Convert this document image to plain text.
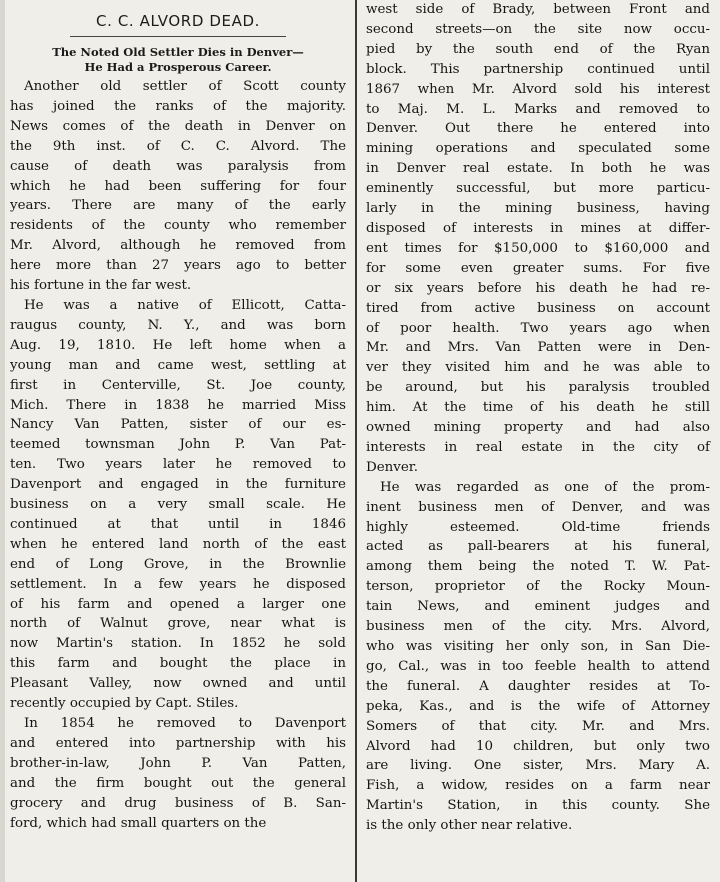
C. C. ALVORD DEAD.
The Noted Old Settler Dies in Denver—
He Had a Prosperous Career.
Another old settler of Scott county
has joined the ranks of the majority.
News comes of the death in Denver on
the 9th inst. of C. C. Alvord. The
cause of death was paralysis from
which he had been suffering for four
years. There are many of the early
residents of the county who remember
Mr. Alvord, although he removed from
here more than 27 years ago to better
his fortune in the far west.
He was a native of Ellicott, Catta-
raugus county, N. Y., and was born
Aug. 19, 1810. He left home when a
young man and came west, settling at
first in Centerville, St. Joe county,
Mich. There in 1838 he married Miss
Nancy Van Patten, sister of our es-
teemed townsman John P. Van Pat-
ten. Two years later he removed to
Davenport and engaged in the furniture
business on a very small scale. He
continued at that until in 1846
when he entered land north of the east
end of Long Grove, in the Brownlie
settlement. In a few years he disposed
of his farm and opened a larger one
north of Walnut grove, near what is
now Martin's station. In 1852 he sold
this farm and bought the place in
Pleasant Valley, now owned and until
recently occupied by Capt. Stiles.
In 1854 he removed to Davenport
and entered into partnership with his
brother-in-law, John P. Van Patten,
and the firm bought out the general
grocery and drug business of B. San-
ford, which had small quarters on the
west side of Brady, between Front and
second streets—on the site now occu-
pied by the south end of the Ryan
block. This partnership continued until
1867 when Mr. Alvord sold his interest
to Maj. M. L. Marks and removed to
Denver. Out there he entered into
mining operations and speculated some
in Denver real estate. In both he was
eminently successful, but more particu-
larly in the mining business, having
disposed of interests in mines at differ-
ent times for $150,000 to $160,000 and
for some even greater sums. For five
or six years before his death he had re-
tired from active business on account
of poor health. Two years ago when
Mr. and Mrs. Van Patten were in Den-
ver they visited him and he was able to
be around, but his paralysis troubled
him. At the time of his death he still
owned mining property and had also
interests in real estate in the city of
Denver.
He was regarded as one of the prom-
inent business men of Denver, and was
highly esteemed. Old-time friends
acted as pall-bearers at his funeral,
among them being the noted T. W. Pat-
terson, proprietor of the Rocky Moun-
tain News, and eminent judges and
business men of the city. Mrs. Alvord,
who was visiting her only son, in San Die-
go, Cal., was in too feeble health to attend
the funeral. A daughter resides at To-
peka, Kas., and is the wife of Attorney
Somers of that city. Mr. and Mrs.
Alvord had 10 children, but only two
are living. One sister, Mrs. Mary A.
Fish, a widow, resides on a farm near
Martin's Station, in this county. She
is the only other near relative.
